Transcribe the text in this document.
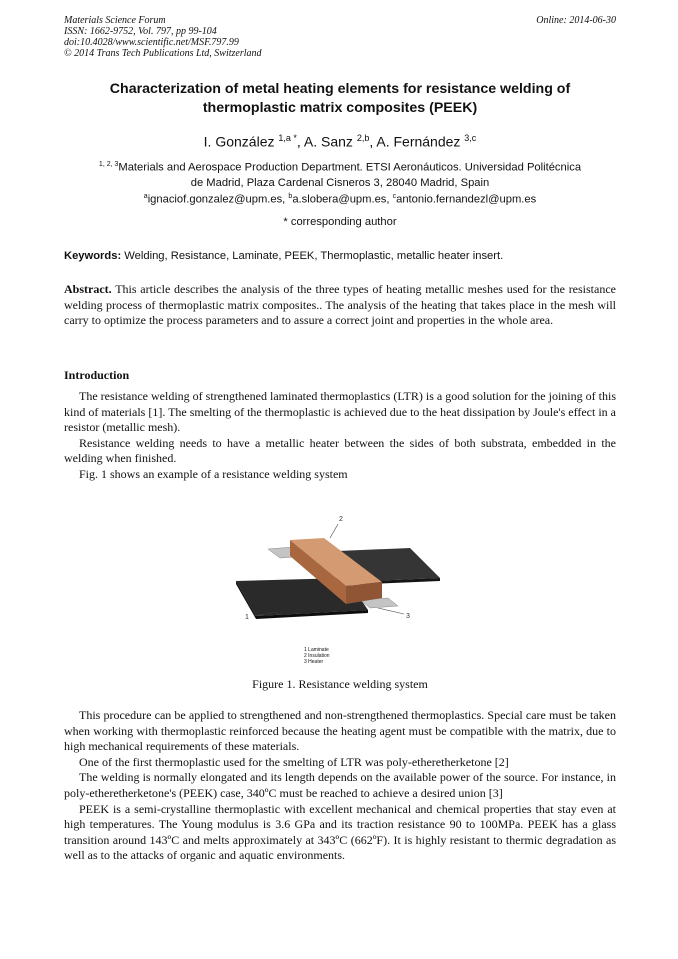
Materials Science Forum
ISSN: 1662-9752, Vol. 797, pp 99-104
doi:10.4028/www.scientific.net/MSF.797.99
© 2014 Trans Tech Publications Ltd, Switzerland
Online: 2014-06-30
Characterization of metal heating elements for resistance welding of
thermoplastic matrix composites (PEEK)
I. González $^{1,a *}$, A. Sanz $^{2,b}$, A. Fernández $^{3,c}$
$^{1, 2, 3}$Materials and Aerospace Production Department. ETSI Aeronáuticos. Universidad Politécnica
de Madrid, Plaza Cardenal Cisneros 3, 28040 Madrid, Spain
$^a$ignaciof.gonzalez@upm.es, $^b$a.slobera@upm.es, $^c$antonio.fernandezl@upm.es
* corresponding author
Keywords: Welding, Resistance, Laminate, PEEK, Thermoplastic, metallic heater insert.
Abstract. This article describes the analysis of the three types of heating metallic meshes used for the resistance welding process of thermoplastic matrix composites.. The analysis of the heating that takes place in the mesh will carry to optimize the process parameters and to assure a correct joint and properties in the whole area.
Introduction

The resistance welding of strengthened laminated thermoplastics (LTR) is a good solution for the joining of this kind of materials [1]. The smelting of the thermoplastic is achieved due to the heat dissipation by Joule's effect in a resistor (metallic mesh).

Resistance welding needs to have a metallic heater between the sides of both substrata, embedded in the welding when finished.

Fig. 1 shows an example of a resistance welding system

2
1	3
1 Laminate
2 Insulation
3 Heater
Figure 1. Resistance welding system

This procedure can be applied to strengthened and non-strengthened thermoplastics. Special care must be taken when working with thermoplastic reinforced because the heating agent must be compatible with the matrix, due to high mechanical requirements of these materials.

One of the first thermoplastic used for the smelting of LTR was poly-etheretherketone [2]

The welding is normally elongated and its length depends on the available power of the source. For instance, in poly-etheretherketone's (PEEK) case, 340ºC must be reached to achieve a desired union [3]

PEEK is a semi-crystalline thermoplastic with excellent mechanical and chemical properties that stay even at high temperatures. The Young modulus is 3.6 GPa and its traction resistance 90 to 100MPa. PEEK has a glass transition around 143ºC and melts approximately at 343ºC (662ºF). It is highly resistant to thermic degradation as well as to the attacks of organic and aquatic environments.
